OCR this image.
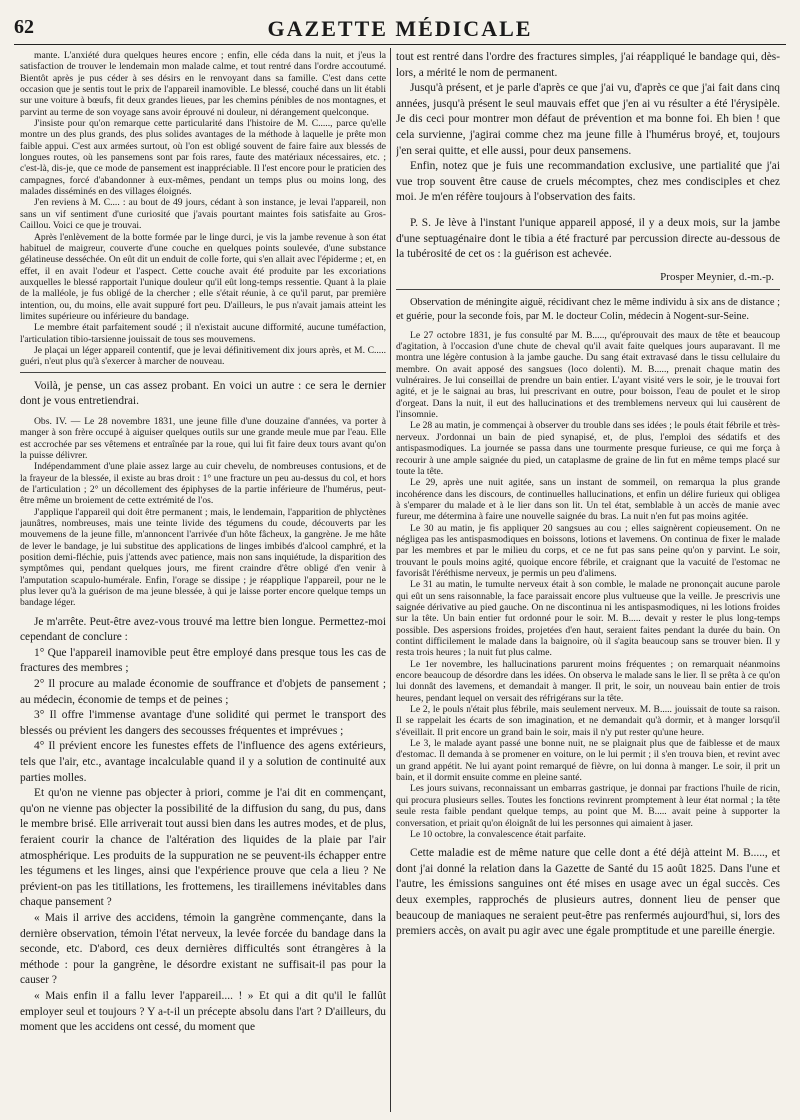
62	GAZETTE MÉDICALE

mante. L'anxiété dura quelques heures encore ; enfin, elle céda dans la nuit, et j'eus la satisfaction de trouver le lendemain mon malade calme, et tout rentré dans l'ordre accoutumé. Bientôt après je pus céder à ses désirs en le renvoyant dans sa famille. C'est dans cette occasion que je sentis tout le prix de l'appareil inamovible. Le blessé, couché dans un lit établi sur une voiture à bœufs, fit deux grandes lieues, par les chemins pénibles de nos montagnes, et parvint au terme de son voyage sans avoir éprouvé ni douleur, ni dérangement quelconque.

J'insiste pour qu'on remarque cette particularité dans l'histoire de M. C....., parce qu'elle montre un des plus grands, des plus solides avantages de la méthode à laquelle je prête mon faible appui. C'est aux armées surtout, où l'on est obligé souvent de faire faire aux blessés de longues routes, où les pansemens sont par fois rares, faute des matériaux nécessaires, etc. ; c'est-là, dis-je, que ce mode de pansement est inappréciable. Il l'est encore pour le praticien des campagnes, forcé d'abandonner à eux-mêmes, pendant un temps plus ou moins long, des malades disséminés en des villages éloignés.

J'en reviens à M. C.... : au bout de 49 jours, cédant à son instance, je levai l'appareil, non sans un vif sentiment d'une curiosité que j'avais pourtant maintes fois satisfaite au Gros-Caillou. Voici ce que je trouvai.

Après l'enlèvement de la botte formée par le linge durci, je vis la jambe revenue à son état habituel de maigreur, couverte d'une couche en quelques points soulevée, d'une substance gélatineuse desséchée. On eût dit un enduit de colle forte, qui s'en allait avec l'épiderme ; et, en effet, il en avait l'odeur et l'aspect. Cette couche avait été produite par les excoriations auxquelles le blessé rapportait l'unique douleur qu'il eût long-temps ressentie. Quant à la plaie de la malléole, je fus obligé de la chercher ; elle s'était réunie, à ce qu'il parut, par première intention, ou, du moins, elle avait suppuré fort peu. D'ailleurs, le pus n'avait jamais atteint les limites supérieure ou inférieure du bandage.

Le membre était parfaitement soudé ; il n'existait aucune difformité, aucune tuméfaction, l'articulation tibio-tarsienne jouissait de tous ses mouvemens.

Je plaçai un léger appareil contentif, que je levai définitivement dix jours après, et M. C..... guéri, n'eut plus qu'à s'exercer à marcher de nouveau.

Voilà, je pense, un cas assez probant. En voici un autre : ce sera le dernier dont je vous entretiendrai.

Obs. IV. — Le 28 novembre 1831, une jeune fille d'une douzaine d'années, va porter à manger à son frère occupé à aiguiser quelques outils sur une grande meule mue par l'eau. Elle est accrochée par ses vêtemens et entraînée par la roue, qui lui fit faire deux tours avant qu'on la puisse délivrer.

Indépendamment d'une plaie assez large au cuir chevelu, de nombreuses contusions, et de la frayeur de la blessée, il existe au bras droit : 1° une fracture un peu au-dessus du col, et hors de l'articulation ; 2° un décollement des épiphyses de la partie inférieure de l'humérus, peut-être même un broiement de cette extrémité de l'os.

J'applique l'appareil qui doit être permanent ; mais, le lendemain, l'apparition de phlyctènes jaunâtres, nombreuses, mais une teinte livide des tégumens du coude, découverts par les mouvemens de la jeune fille, m'annoncent l'arrivée d'un hôte fâcheux, la gangrène. Je me hâte de lever le bandage, je lui substitue des applications de linges imbibés d'alcool camphré, et la position demi-fléchie, puis j'attends avec patience, mais non sans inquiétude, la disparition des symptômes qui, pendant quelques jours, me firent craindre d'être obligé d'en venir à l'amputation scapulo-humérale. Enfin, l'orage se dissipe ; je réapplique l'appareil, pour ne le plus lever qu'à la guérison de ma jeune blessée, à qui je laisse porter encore quelque temps un bandage léger.

Je m'arrête. Peut-être avez-vous trouvé ma lettre bien longue. Permettez-moi cependant de conclure :

1° Que l'appareil inamovible peut être employé dans presque tous les cas de fractures des membres ;

2° Il procure au malade économie de souffrance et d'objets de pansement ; au médecin, économie de temps et de peines ;

3° Il offre l'immense avantage d'une solidité qui permet le transport des blessés ou prévient les dangers des secousses fréquentes et imprévues ;

4° Il prévient encore les funestes effets de l'influence des agens extérieurs, tels que l'air, etc., avantage incalculable quand il y a solution de continuité aux parties molles.

Et qu'on ne vienne pas objecter à priori, comme je l'ai dit en commençant, qu'on ne vienne pas objecter la possibilité de la diffusion du sang, du pus, dans le membre brisé. Elle arriverait tout aussi bien dans les autres modes, et de plus, feraient courir la chance de l'altération des liquides de la plaie par l'air atmosphérique. Les produits de la suppuration ne se peuvent-ils échapper entre les tégumens et les linges, ainsi que l'expérience prouve que cela a lieu ? Ne prévient-on pas les titillations, les frottemens, les tiraillemens inévitables dans chaque pansement ?

« Mais il arrive des accidens, témoin la gangrène commençante, dans la dernière observation, témoin l'état nerveux, la levée forcée du bandage dans la seconde, etc. D'abord, ces deux dernières difficultés sont étrangères à la méthode : pour la gangrène, le désordre existant ne suffisait-il pas pour la causer ?

« Mais enfin il a fallu lever l'appareil.... ! » Et qui a dit qu'il le fallût employer seul et toujours ? Y a-t-il un précepte absolu dans l'art ? D'ailleurs, du moment que les accidens ont cessé, du moment que

tout est rentré dans l'ordre des fractures simples, j'ai réappliqué le bandage qui, dès-lors, a mérité le nom de permanent.

Jusqu'à présent, et je parle d'après ce que j'ai vu, d'après ce que j'ai fait dans cinq années, jusqu'à présent le seul mauvais effet que j'en ai vu résulter a été l'érysipèle. Je dis ceci pour montrer mon défaut de prévention et ma bonne foi. Eh bien ! que cela survienne, j'agirai comme chez ma jeune fille à l'humérus broyé, et, toujours j'en serai quitte, et elle aussi, pour deux pansemens.

Enfin, notez que je fuis une recommandation exclusive, une partialité que j'ai vue trop souvent être cause de cruels mécomptes, chez mes condisciples et chez moi. Je m'en réfère toujours à l'observation des faits.

P. S. Je lève à l'instant l'unique appareil apposé, il y a deux mois, sur la jambe d'une septuagénaire dont le tibia a été fracturé par percussion directe au-dessous de la tubérosité de cet os : la guérison est achevée.

Prosper Meynier, d.-m.-p.

Observation de méningite aiguë, récidivant chez le même individu à six ans de distance ; et guérie, pour la seconde fois, par M. le docteur Colin, médecin à Nogent-sur-Seine.

Le 27 octobre 1831, je fus consulté par M. B....., qu'éprouvait des maux de tête et beaucoup d'agitation, à l'occasion d'une chute de cheval qu'il avait faite quelques jours auparavant. Il me montra une légère contusion à la jambe gauche. Du sang était extravasé dans le tissu cellulaire du membre. On avait apposé des sangsues (loco dolenti). M. B....., prenait chaque matin des vulnéraires. Je lui conseillai de prendre un bain entier. L'ayant visité vers le soir, je le trouvai fort agité, et je le saignai au bras, lui prescrivant en outre, pour boisson, l'eau de poulet et le sirop d'orgeat. Dans la nuit, il eut des hallucinations et des tremblemens nerveux qui lui causèrent de l'insomnie.

Le 28 au matin, je commençai à observer du trouble dans ses idées ; le pouls était fébrile et très-nerveux. J'ordonnai un bain de pied synapisé, et, de plus, l'emploi des sédatifs et des antispasmodiques. La journée se passa dans une tourmente presque furieuse, ce qui me força à recourir à une ample saignée du pied, un cataplasme de graine de lin fut en même temps placé sur toute la tête.

Le 29, après une nuit agitée, sans un instant de sommeil, on remarqua la plus grande incohérence dans les discours, de continuelles hallucinations, et enfin un délire furieux qui obligea à s'emparer du malade et à le lier dans son lit. Un tel état, semblable à un accès de manie avec fureur, me détermina à faire une nouvelle saignée du bras. La nuit n'en fut pas moins agitée.

Le 30 au matin, je fis appliquer 20 sangsues au cou ; elles saignèrent copieusement. On ne négligea pas les antispasmodiques en boissons, lotions et lavemens. On continua de fixer le malade par les membres et par le milieu du corps, et ce ne fut pas sans peine qu'on y parvint. Le soir, trouvant le pouls moins agité, quoique encore fébrile, et craignant que la vacuité de l'estomac ne favorisât l'éréthisme nerveux, je permis un peu d'alimens.

Le 31 au matin, le tumulte nerveux était à son comble, le malade ne prononçait aucune parole qui eût un sens raisonnable, la face paraissait encore plus vultueuse que la veille. Je prescrivis une saignée dérivative au pied gauche. On ne discontinua ni les antispasmodiques, ni les lotions froides sur la tête. Un bain entier fut ordonné pour le soir. M. B..... devait y rester le plus long-temps possible. Des aspersions froides, projetées d'en haut, seraient faites pendant la durée du bain. On contint difficilement le malade dans la baignoire, où il s'agita beaucoup sans se trouver bien. Il y resta trois heures ; la nuit fut plus calme.

Le 1er novembre, les hallucinations parurent moins fréquentes ; on remarquait néanmoins encore beaucoup de désordre dans les idées. On observa le malade sans le lier. Il se prêta à ce qu'on lui donnât des lavemens, et demandait à manger. Il prit, le soir, un nouveau bain entier de trois heures, pendant lequel on versait des réfrigérans sur la tête.

Le 2, le pouls n'était plus fébrile, mais seulement nerveux. M. B..... jouissait de toute sa raison. Il se rappelait les écarts de son imagination, et ne demandait qu'à dormir, et à manger lorsqu'il s'éveillait. Il prit encore un grand bain le soir, mais il n'y put rester qu'une heure.

Le 3, le malade ayant passé une bonne nuit, ne se plaignait plus que de faiblesse et de maux d'estomac. Il demanda à se promener en voiture, on le lui permit ; il s'en trouva bien, et revint avec un grand appétit. Ne lui ayant point remarqué de fièvre, on lui donna à manger. Le soir, il prit un bain, et il dormit ensuite comme en pleine santé.

Les jours suivans, reconnaissant un embarras gastrique, je donnai par fractions l'huile de ricin, qui procura plusieurs selles. Toutes les fonctions revinrent promptement à leur état normal ; la tête seule resta faible pendant quelque temps, au point que M. B..... avait peine à supporter la conversation, et priait qu'on éloignât de lui les personnes qui aimaient à jaser.

Le 10 octobre, la convalescence était parfaite.

Cette maladie est de même nature que celle dont a été déjà atteint M. B....., et dont j'ai donné la relation dans la Gazette de Santé du 15 août 1825. Dans l'une et l'autre, les émissions sanguines ont été mises en usage avec un égal succès. Ces deux exemples, rapprochés de plusieurs autres, donnent lieu de penser que beaucoup de maniaques ne seraient peut-être pas renfermés aujourd'hui, si, lors des premiers accès, on avait pu agir avec une égale promptitude et une pareille énergie.
